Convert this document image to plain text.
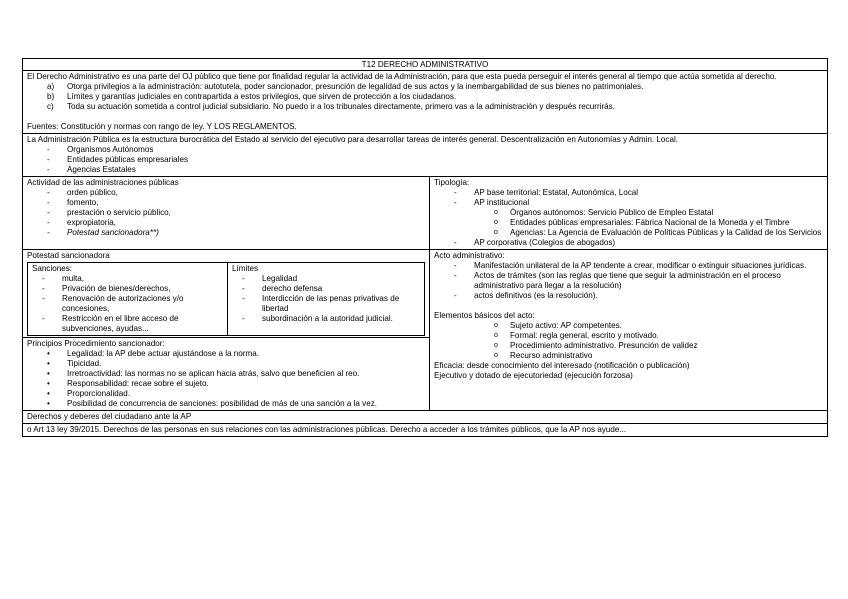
T12 DERECHO ADMINISTRATIVO
El Derecho Administrativo es una parte del OJ público que tiene por finalidad regular la actividad de la Administración, para que esta pueda perseguir el interés general al tiempo que actúa sometida al derecho.
a) Otorga privilegios a la administración: autotutela, poder sancionador, presunción de legalidad de sus actos y la inembargabilidad de sus bienes no patrimoniales.
b) Límites y garantías judiciales en contrapartida a estos privilegios, que sirven de protección a los ciudadanos.
c) Toda su actuación sometida a control judicial subsidiario. No puedo ir a los tribunales directamente, primero vas a la administración y después recurrirás.
Fuentes: Constitución y normas con rango de ley. Y LOS REGLAMENTOS.
La Administración Pública es la estructura burocrática del Estado al servicio del ejecutivo para desarrollar tareas de interés general. Descentralización en Autonomías y Admin. Local.
- Organismos Autónomos
- Entidades públicas empresariales
- Agencias Estatales
Actividad de las administraciones públicas
- orden público,
- fomento,
- prestación o servicio público,
- expropiatoria,
- Potestad sancionadora**)
Tipología:
- AP base territorial: Estatal, Autonómica, Local
- AP institucional
o Órganos autónomos: Servicio Público de Empleo Estatal
o Entidades públicas empresariales: Fábrica Nacional de la Moneda y el Timbre
o Agencias: La Agencia de Evaluación de Políticas Públicas y la Calidad de los Servicios
- AP corporativa (Colegios de abogados)
Potestad sancionadora
Sanciones:
- multa,
- Privación de bienes/derechos,
- Renovación de autorizaciones y/o concesiones,
- Restricción en el libre acceso de subvenciones, ayudas...
Límites
- Legalidad
- derecho defensa
- Interdicción de las penas privativas de libertad
- subordinación a la autoridad judicial.
Principios Procedimiento sancionador:
• Legalidad: la AP debe actuar ajustándose a la norma.
• Tipicidad.
• Irretroactividad: las normas no se aplican hacia atrás, salvo que beneficien al reo.
• Responsabilidad: recae sobre el sujeto.
• Proporcionalidad.
• Posibilidad de concurrencia de sanciones: posibilidad de más de una sanción a la vez.
Acto administrativo:
- Manifestación unilateral de la AP tendente a crear, modificar o extinguir situaciones jurídicas.
- Actos de trámites (son las reglas que tiene que seguir la administración en el proceso administrativo para llegar a la resolución)
- actos definitivos (es la resolución).
Elementos básicos del acto:
o Sujeto activo: AP competentes.
o Formal: regla general, escrito y motivado.
o Procedimiento administrativo. Presunción de validez
o Recurso administrativo
Eficacia: desde conocimiento del interesado (notificación o publicación)
Ejecutivo y dotado de ejecutoriedad (ejecución forzosa)
Derechos y deberes del ciudadano ante la AP
o Art 13 ley 39/2015. Derechos de las personas en sus relaciones con las administraciones públicas. Derecho a acceder a los trámites públicos, que la AP nos ayude...
